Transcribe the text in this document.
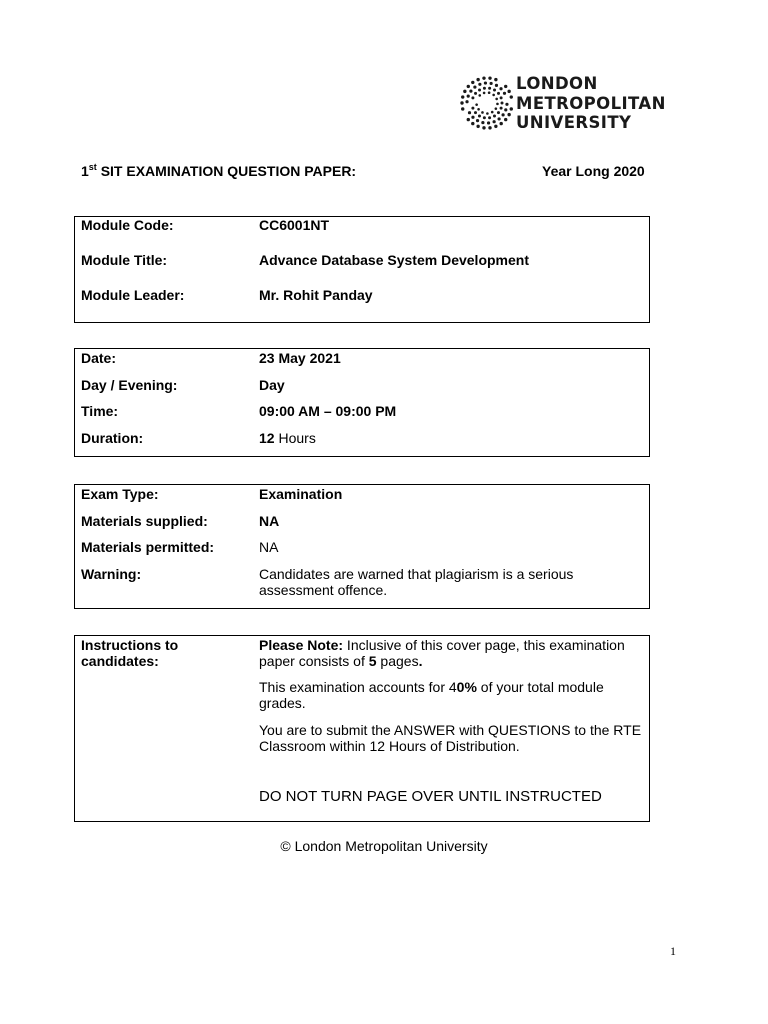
LONDON
METROPOLITAN
UNIVERSITY
1st SIT EXAMINATION QUESTION PAPER:	Year Long 2020
Module Code:	CC6001NT
Module Title:	Advance Database System Development
Module Leader:	Mr. Rohit Panday
Date:	23 May 2021
Day / Evening:	Day
Time:	09:00 AM – 09:00 PM
Duration:	12 Hours
Exam Type:	Examination
Materials supplied:	NA
Materials permitted:	NA
Warning:	Candidates are warned that plagiarism is a serious assessment offence.
Instructions to candidates:
Please Note: Inclusive of this cover page, this examination paper consists of 5 pages.
This examination accounts for 40% of your total module grades.
You are to submit the ANSWER with QUESTIONS to the RTE Classroom within 12 Hours of Distribution.
DO NOT TURN PAGE OVER UNTIL INSTRUCTED
© London Metropolitan University
1
